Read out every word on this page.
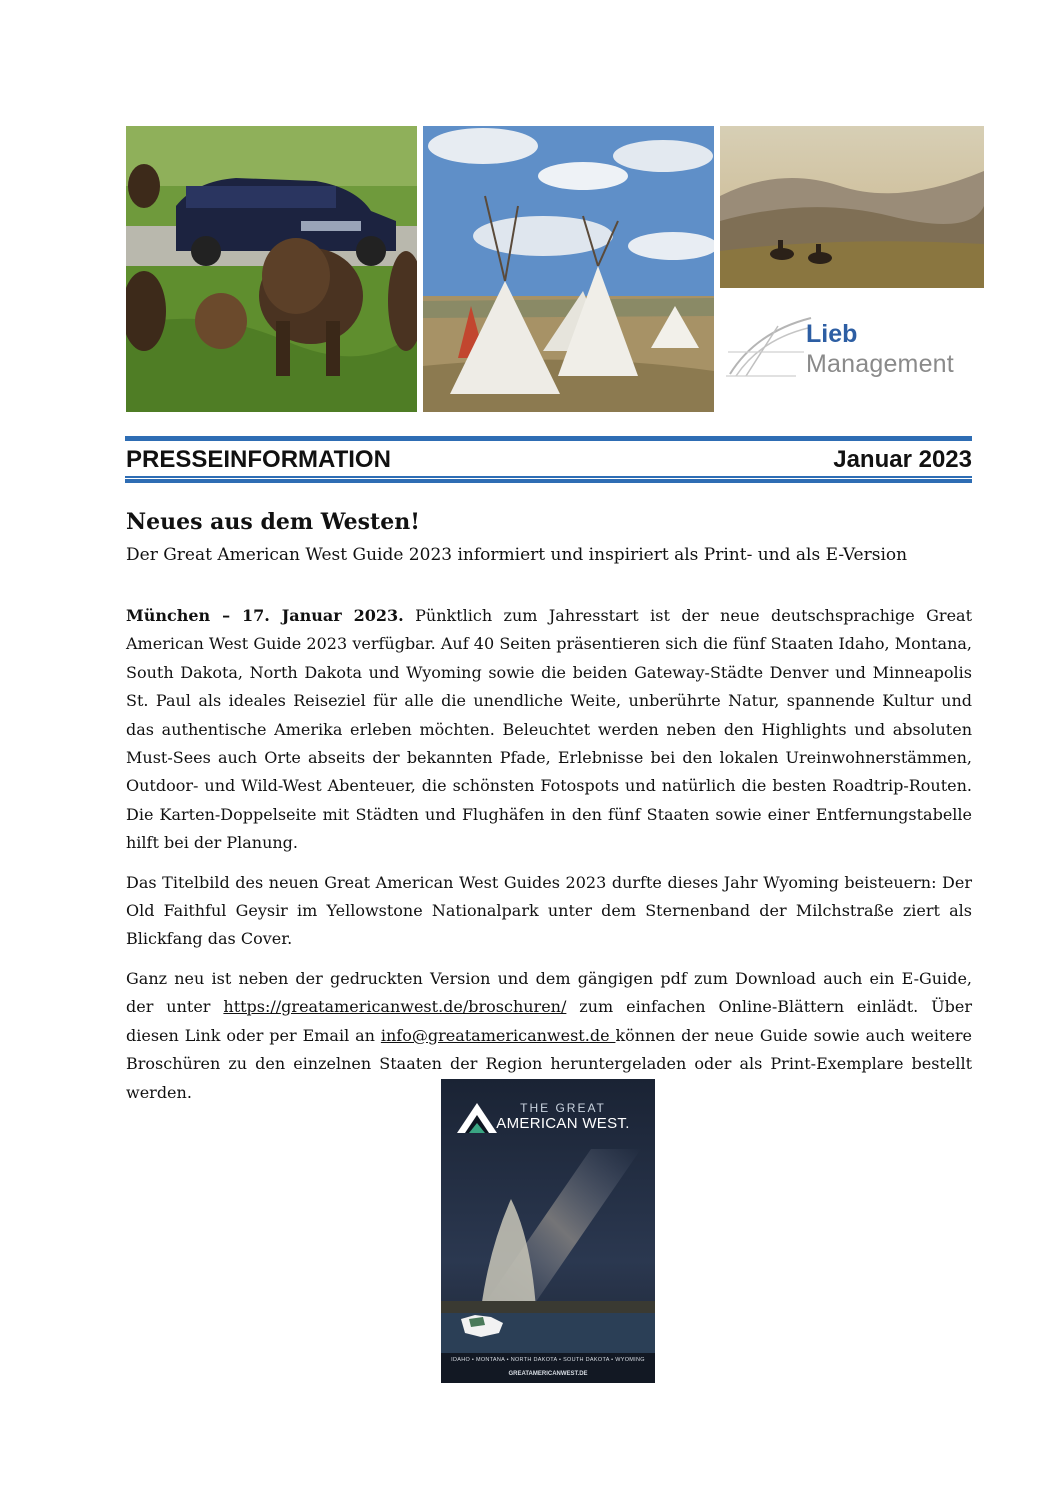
Lieb
Management
PRESSEINFORMATION	Januar 2023
Neues aus dem Westen!
Der Great American West Guide 2023 informiert und inspiriert als Print- und als E-Version

München – 17. Januar 2023. Pünktlich zum Jahresstart ist der neue deutschsprachige Great American West Guide 2023 verfügbar. Auf 40 Seiten präsentieren sich die fünf Staaten Idaho, Montana, South Dakota, North Dakota und Wyoming sowie die beiden Gateway-Städte Denver und Minneapolis St. Paul als ideales Reiseziel für alle die unendliche Weite, unberührte Natur, spannende Kultur und das authentische Amerika erleben möchten. Beleuchtet werden neben den Highlights und absoluten Must-Sees auch Orte abseits der bekannten Pfade, Erlebnisse bei den lokalen Ureinwohnerstämmen, Outdoor- und Wild-West Abenteuer, die schönsten Fotospots und natürlich die besten Roadtrip-Routen. Die Karten-Doppelseite mit Städten und Flughäfen in den fünf Staaten sowie einer Entfernungstabelle hilft bei der Planung.

Das Titelbild des neuen Great American West Guides 2023 durfte dieses Jahr Wyoming beisteuern: Der Old Faithful Geysir im Yellowstone Nationalpark unter dem Sternenband der Milchstraße ziert als Blickfang das Cover.

Ganz neu ist neben der gedruckten Version und dem gängigen pdf zum Download auch ein E-Guide, der unter https://greatamericanwest.de/broschuren/ zum einfachen Online-Blättern einlädt. Über diesen Link oder per Email an info@greatamericanwest.de können der neue Guide sowie auch weitere Broschüren zu den einzelnen Staaten der Region heruntergeladen oder als Print-Exemplare bestellt werden.

THE GREAT
AMERICAN WEST.
IDAHO • MONTANA • NORTH DAKOTA • SOUTH DAKOTA • WYOMING
GREATAMERICANWEST.DE
